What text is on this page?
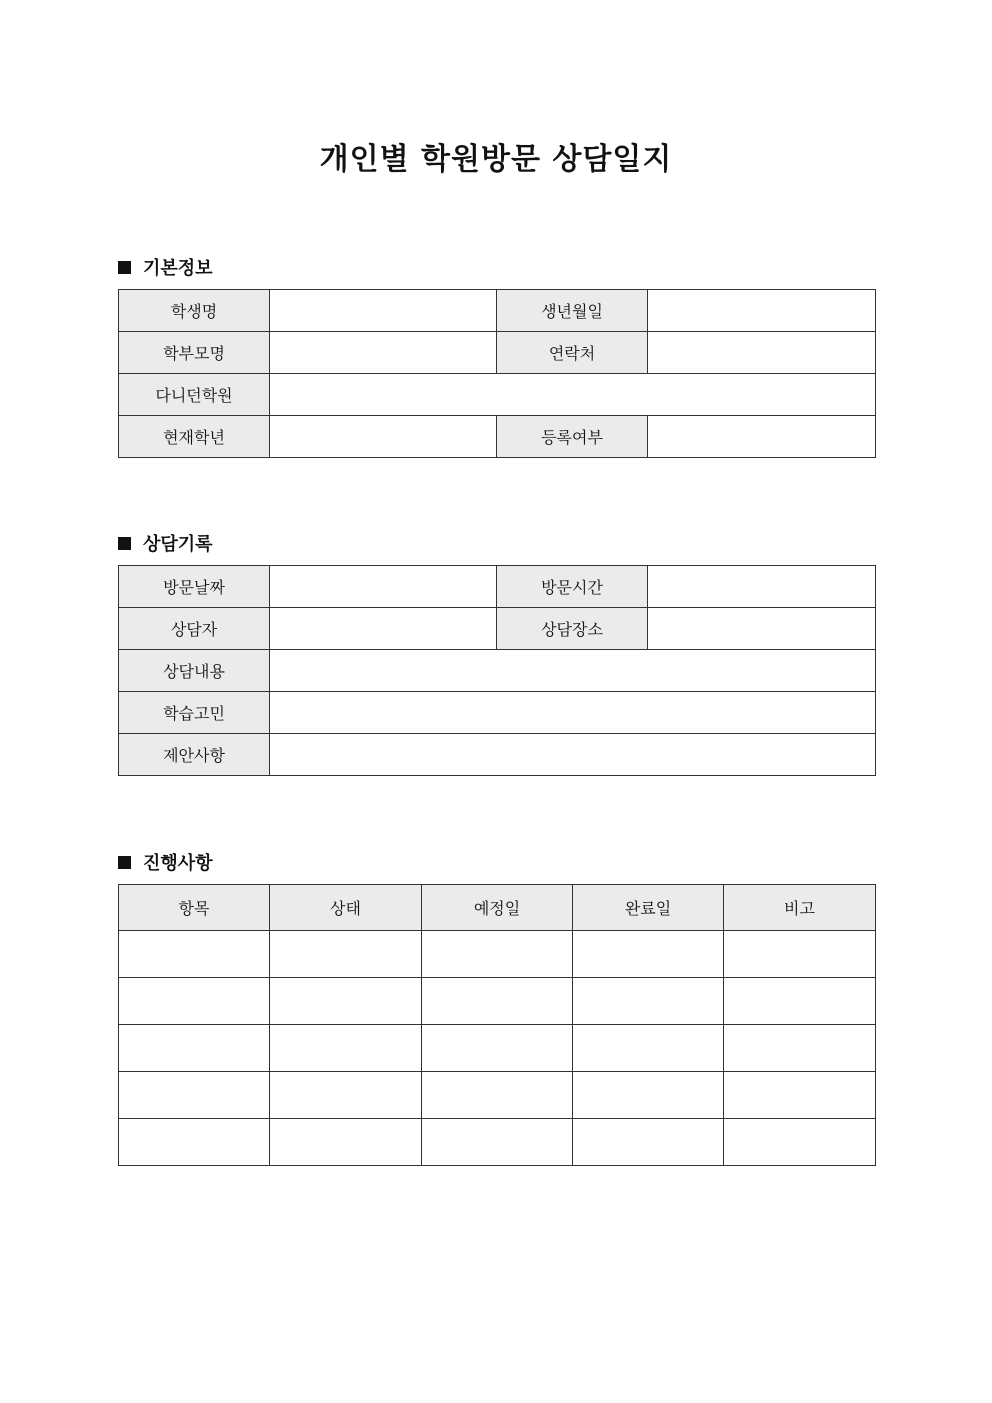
개인별 학원방문 상담일지
기본정보
학생명		생년월일	
학부모명		연락처	
다니던학원			
현재학년		등록여부	
상담기록
방문날짜		방문시간	
상담자		상담장소	
상담내용			
학습고민			
제안사항			
진행사항
항목	상태	예정일	완료일	비고
